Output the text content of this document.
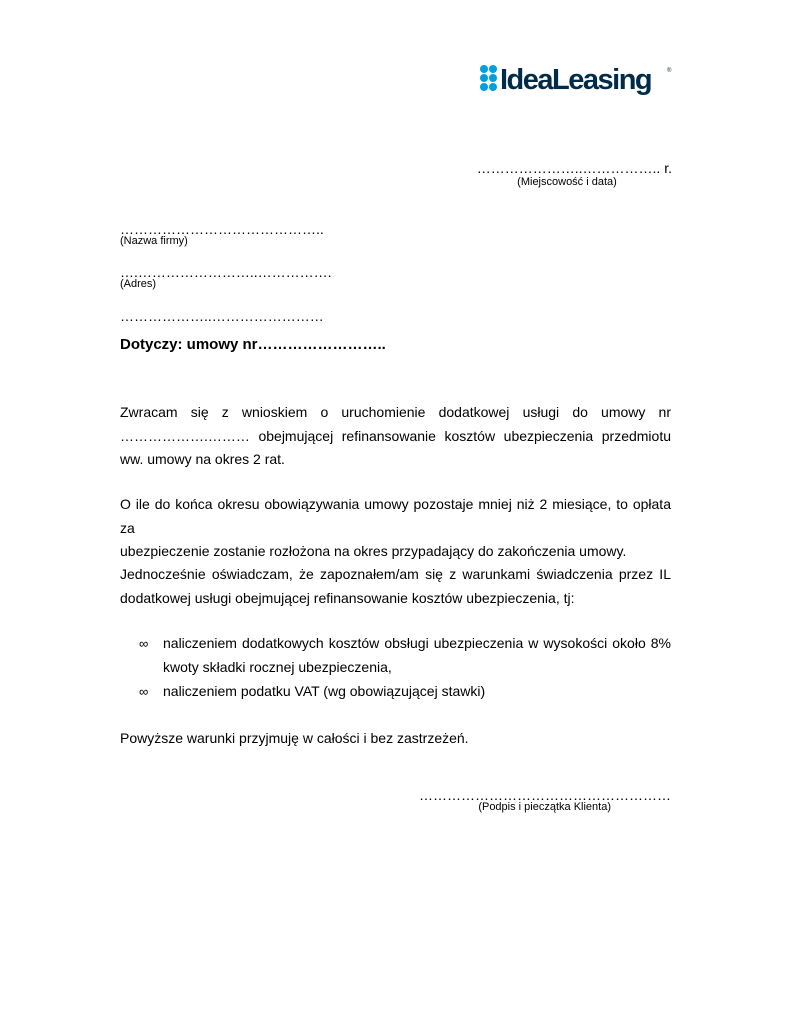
IdeaLeasing	®
…………………..…………….. r.
(Miejscowość i data)
……………………………………..
(Nazwa firmy)
….……………………..…………….
(Adres)
………………..……………………
Dotyczy: umowy nr……………………..
Zwracam się z wnioskiem o uruchomienie dodatkowej usługi do umowy nr
……………….……… obejmującej refinansowanie kosztów ubezpieczenia przedmiotu
ww. umowy na okres 2 rat.
O ile do końca okresu obowiązywania umowy pozostaje mniej niż 2 miesiące, to opłata za
ubezpieczenie zostanie rozłożona na okres przypadający do zakończenia umowy.
Jednocześnie oświadczam, że zapoznałem/am się z warunkami świadczenia przez IL
dodatkowej usługi obejmującej refinansowanie kosztów ubezpieczenia, tj:
∞ naliczeniem dodatkowych kosztów obsługi ubezpieczenia w wysokości około 8%
kwoty składki rocznej ubezpieczenia,
∞ naliczeniem podatku VAT (wg obowiązującej stawki)
Powyższe warunki przyjmuję w całości i bez zastrzeżeń.
………………………………………………
(Podpis i pieczątka Klienta)
